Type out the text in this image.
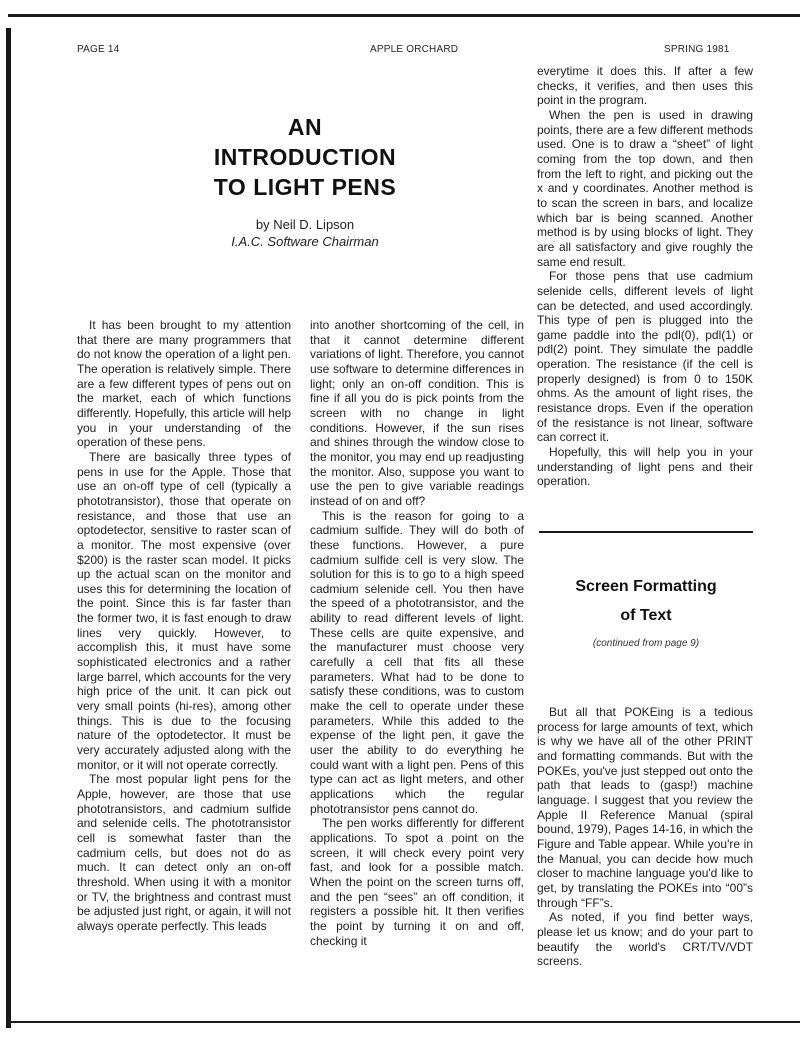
PAGE 14	APPLE ORCHARD	SPRING 1981
AN
INTRODUCTION
TO LIGHT PENS
by Neil D. Lipson
I.A.C. Software Chairman

It has been brought to my attention that there are many programmers that do not know the operation of a light pen. The operation is relatively simple. There are a few different types of pens out on the market, each of which functions differently. Hopefully, this article will help you in your understanding of the operation of these pens.

There are basically three types of pens in use for the Apple. Those that use an on-off type of cell (typically a phototransistor), those that operate on resistance, and those that use an optodetector, sensitive to raster scan of a monitor. The most expensive (over $200) is the raster scan model. It picks up the actual scan on the monitor and uses this for determining the location of the point. Since this is far faster than the former two, it is fast enough to draw lines very quickly. However, to accomplish this, it must have some sophisticated electronics and a rather large barrel, which accounts for the very high price of the unit. It can pick out very small points (hi-res), among other things. This is due to the focusing nature of the optodetector. It must be very accurately adjusted along with the monitor, or it will not operate correctly.

The most popular light pens for the Apple, however, are those that use phototransistors, and cadmium sulfide and selenide cells. The phototransistor cell is somewhat faster than the cadmium cells, but does not do as much. It can detect only an on-off threshold. When using it with a monitor or TV, the brightness and contrast must be adjusted just right, or again, it will not always operate perfectly. This leads

into another shortcoming of the cell, in that it cannot determine different variations of light. Therefore, you cannot use software to determine differences in light; only an on-off condition. This is fine if all you do is pick points from the screen with no change in light conditions. However, if the sun rises and shines through the window close to the monitor, you may end up readjusting the monitor. Also, suppose you want to use the pen to give variable readings instead of on and off?

This is the reason for going to a cadmium sulfide. They will do both of these functions. However, a pure cadmium sulfide cell is very slow. The solution for this is to go to a high speed cadmium selenide cell. You then have the speed of a phototransistor, and the ability to read different levels of light. These cells are quite expensive, and the manufacturer must choose very carefully a cell that fits all these parameters. What had to be done to satisfy these conditions, was to custom make the cell to operate under these parameters. While this added to the expense of the light pen, it gave the user the ability to do everything he could want with a light pen. Pens of this type can act as light meters, and other applications which the regular phototransistor pens cannot do.

The pen works differently for different applications. To spot a point on the screen, it will check every point very fast, and look for a possible match. When the point on the screen turns off, and the pen “sees” an off condition, it registers a possible hit. It then verifies the point by turning it on and off, checking it

everytime it does this. If after a few checks, it verifies, and then uses this point in the program.

When the pen is used in drawing points, there are a few different methods used. One is to draw a “sheet” of light coming from the top down, and then from the left to right, and picking out the x and y coordinates. Another method is to scan the screen in bars, and localize which bar is being scanned. Another method is by using blocks of light. They are all satisfactory and give roughly the same end result.

For those pens that use cadmium selenide cells, different levels of light can be detected, and used accordingly. This type of pen is plugged into the game paddle into the pdl(0), pdl(1) or pdl(2) point. They simulate the paddle operation. The resistance (if the cell is properly designed) is from 0 to 150K ohms. As the amount of light rises, the resistance drops. Even if the operation of the resistance is not linear, software can correct it.

Hopefully, this will help you in your understanding of light pens and their operation.

Screen Formatting
of Text
(continued from page 9)

But all that POKEing is a tedious process for large amounts of text, which is why we have all of the other PRINT and formatting commands. But with the POKEs, you've just stepped out onto the path that leads to (gasp!) machine language. I suggest that you review the Apple II Reference Manual (spiral bound, 1979), Pages 14-16, in which the Figure and Table appear. While you're in the Manual, you can decide how much closer to machine language you'd like to get, by translating the POKEs into “00”s through “FF”s.

As noted, if you find better ways, please let us know; and do your part to beautify the world's CRT/TV/VDT screens.
